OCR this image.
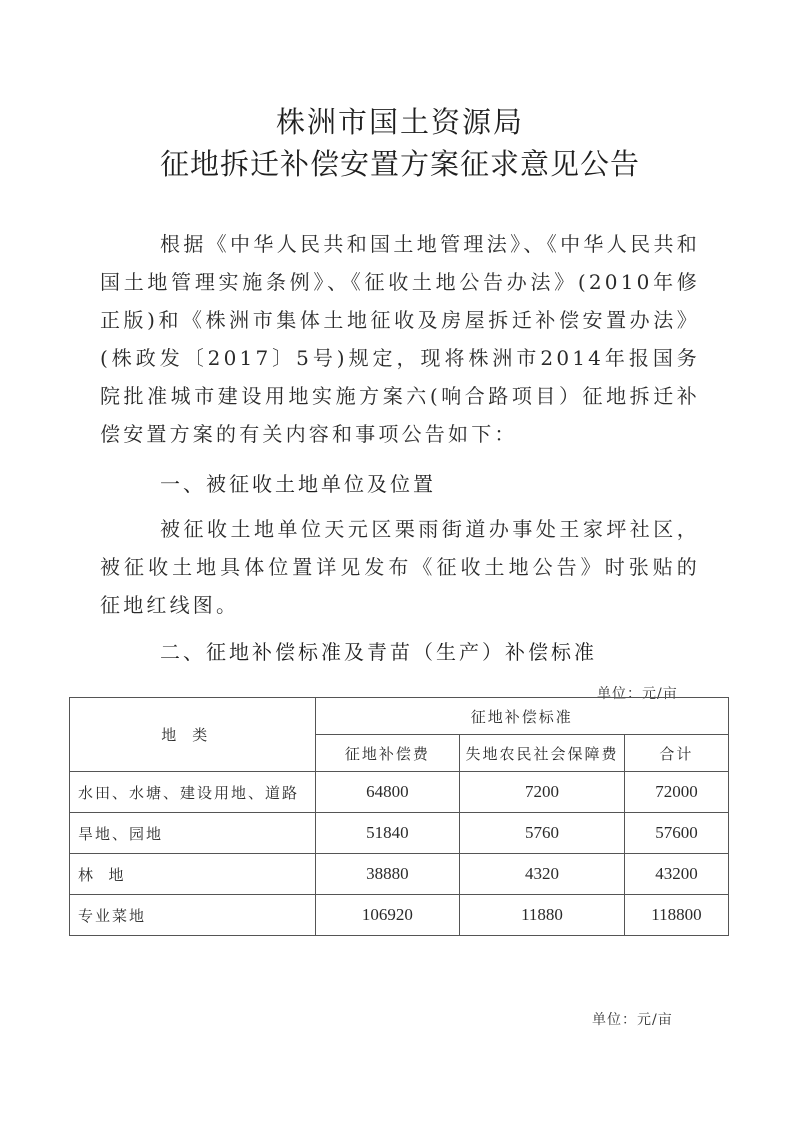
株洲市国土资源局
征地拆迁补偿安置方案征求意见公告
根据《中华人民共和国土地管理法》、《中华人民共和国土地管理实施条例》、《征收土地公告办法》(2010年修正版)和《株洲市集体土地征收及房屋拆迁补偿安置办法》(株政发〔2017〕5号)规定，现将株洲市2014年报国务院批准城市建设用地实施方案六(响合路项目）征地拆迁补偿安置方案的有关内容和事项公告如下：
一、被征收土地单位及位置
被征收土地单位天元区栗雨街道办事处王家坪社区，被征收土地具体位置详见发布《征收土地公告》时张贴的征地红线图。
二、征地补偿标准及青苗（生产）补偿标准
单位：元/亩
地类	征地补偿标准		
	征地补偿费	失地农民社会保障费	合计
水田、水塘、建设用地、道路	64800	7200	72000
旱地、园地	51840	5760	57600
林  地	38880	4320	43200
专业菜地	106920	11880	118800
单位：元/亩
